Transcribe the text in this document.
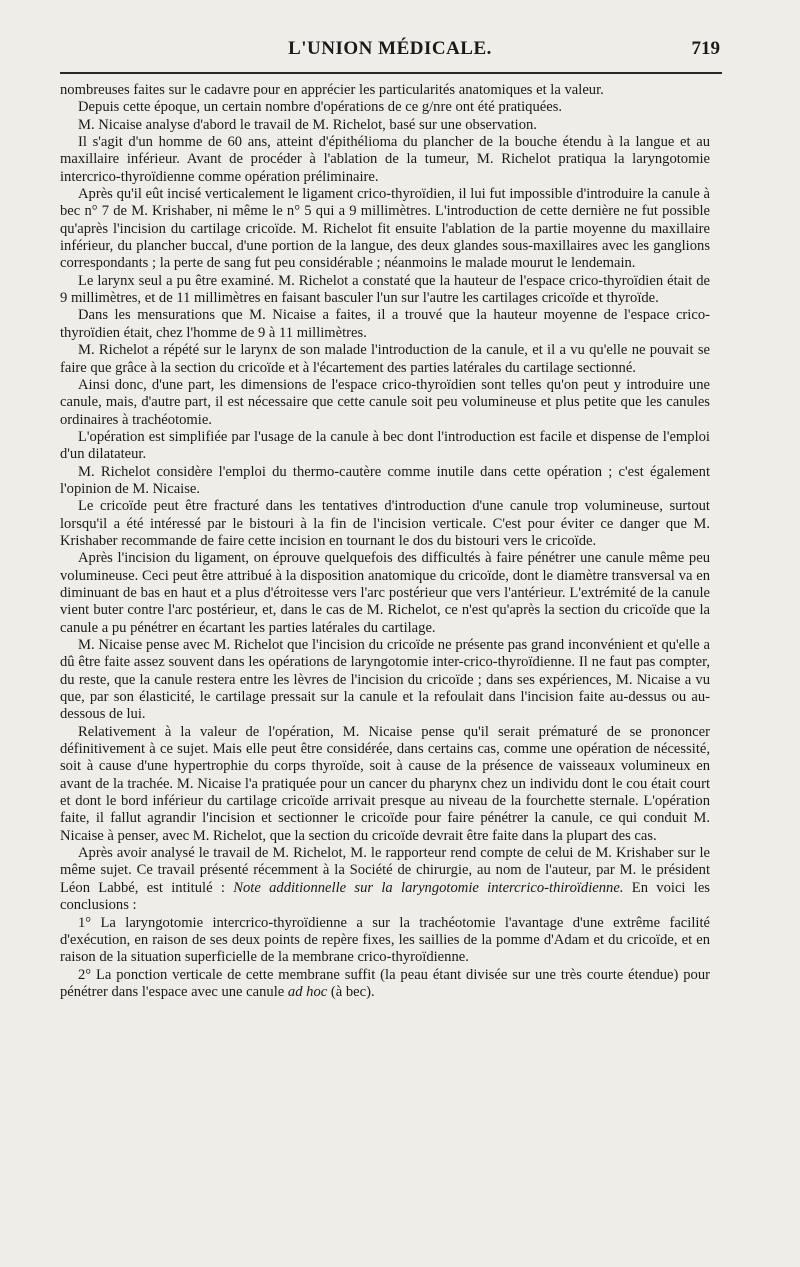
L'UNION MÉDICALE.	719

nombreuses faites sur le cadavre pour en apprécier les particularités anatomiques et la valeur.

Depuis cette époque, un certain nombre d'opérations de ce g/nre ont été pratiquées.

M. Nicaise analyse d'abord le travail de M. Richelot, basé sur une observation.

Il s'agit d'un homme de 60 ans, atteint d'épithélioma du plancher de la bouche étendu à la langue et au maxillaire inférieur. Avant de procéder à l'ablation de la tumeur, M. Richelot pratiqua la laryngotomie intercrico-thyroïdienne comme opération préliminaire.

Après qu'il eût incisé verticalement le ligament crico-thyroïdien, il lui fut impossible d'introduire la canule à bec n° 7 de M. Krishaber, ni même le n° 5 qui a 9 millimètres. L'introduction de cette dernière ne fut possible qu'après l'incision du cartilage cricoïde. M. Richelot fit ensuite l'ablation de la partie moyenne du maxillaire inférieur, du plancher buccal, d'une portion de la langue, des deux glandes sous-maxillaires avec les ganglions correspondants ; la perte de sang fut peu considérable ; néanmoins le malade mourut le lendemain.

Le larynx seul a pu être examiné. M. Richelot a constaté que la hauteur de l'espace crico-thyroïdien était de 9 millimètres, et de 11 millimètres en faisant basculer l'un sur l'autre les cartilages cricoïde et thyroïde.

Dans les mensurations que M. Nicaise a faites, il a trouvé que la hauteur moyenne de l'espace crico-thyroïdien était, chez l'homme de 9 à 11 millimètres.

M. Richelot a répété sur le larynx de son malade l'introduction de la canule, et il a vu qu'elle ne pouvait se faire que grâce à la section du cricoïde et à l'écartement des parties latérales du cartilage sectionné.

Ainsi donc, d'une part, les dimensions de l'espace crico-thyroïdien sont telles qu'on peut y introduire une canule, mais, d'autre part, il est nécessaire que cette canule soit peu volumineuse et plus petite que les canules ordinaires à trachéotomie.

L'opération est simplifiée par l'usage de la canule à bec dont l'introduction est facile et dispense de l'emploi d'un dilatateur.

M. Richelot considère l'emploi du thermo-cautère comme inutile dans cette opération ; c'est également l'opinion de M. Nicaise.

Le cricoïde peut être fracturé dans les tentatives d'introduction d'une canule trop volumineuse, surtout lorsqu'il a été intéressé par le bistouri à la fin de l'incision verticale. C'est pour éviter ce danger que M. Krishaber recommande de faire cette incision en tournant le dos du bistouri vers le cricoïde.

Après l'incision du ligament, on éprouve quelquefois des difficultés à faire pénétrer une canule même peu volumineuse. Ceci peut être attribué à la disposition anatomique du cricoïde, dont le diamètre transversal va en diminuant de bas en haut et a plus d'étroitesse vers l'arc postérieur que vers l'antérieur. L'extrémité de la canule vient buter contre l'arc postérieur, et, dans le cas de M. Richelot, ce n'est qu'après la section du cricoïde que la canule a pu pénétrer en écartant les parties latérales du cartilage.

M. Nicaise pense avec M. Richelot que l'incision du cricoïde ne présente pas grand inconvénient et qu'elle a dû être faite assez souvent dans les opérations de laryngotomie inter-crico-thyroïdienne. Il ne faut pas compter, du reste, que la canule restera entre les lèvres de l'incision du cricoïde ; dans ses expériences, M. Nicaise a vu que, par son élasticité, le cartilage pressait sur la canule et la refoulait dans l'incision faite au-dessus ou au-dessous de lui.

Relativement à la valeur de l'opération, M. Nicaise pense qu'il serait prématuré de se prononcer définitivement à ce sujet. Mais elle peut être considérée, dans certains cas, comme une opération de nécessité, soit à cause d'une hypertrophie du corps thyroïde, soit à cause de la présence de vaisseaux volumineux en avant de la trachée. M. Nicaise l'a pratiquée pour un cancer du pharynx chez un individu dont le cou était court et dont le bord inférieur du cartilage cricoïde arrivait presque au niveau de la fourchette sternale. L'opération faite, il fallut agrandir l'incision et sectionner le cricoïde pour faire pénétrer la canule, ce qui conduit M. Nicaise à penser, avec M. Richelot, que la section du cricoïde devrait être faite dans la plupart des cas.

Après avoir analysé le travail de M. Richelot, M. le rapporteur rend compte de celui de M. Krishaber sur le même sujet. Ce travail présenté récemment à la Société de chirurgie, au nom de l'auteur, par M. le président Léon Labbé, est intitulé : Note additionnelle sur la laryngotomie intercrico-thiroïdienne. En voici les conclusions :

1° La laryngotomie intercrico-thyroïdienne a sur la trachéotomie l'avantage d'une extrême facilité d'exécution, en raison de ses deux points de repère fixes, les saillies de la pomme d'Adam et du cricoïde, et en raison de la situation superficielle de la membrane crico-thyroïdienne.

2° La ponction verticale de cette membrane suffit (la peau étant divisée sur une très courte étendue) pour pénétrer dans l'espace avec une canule ad hoc (à bec).
